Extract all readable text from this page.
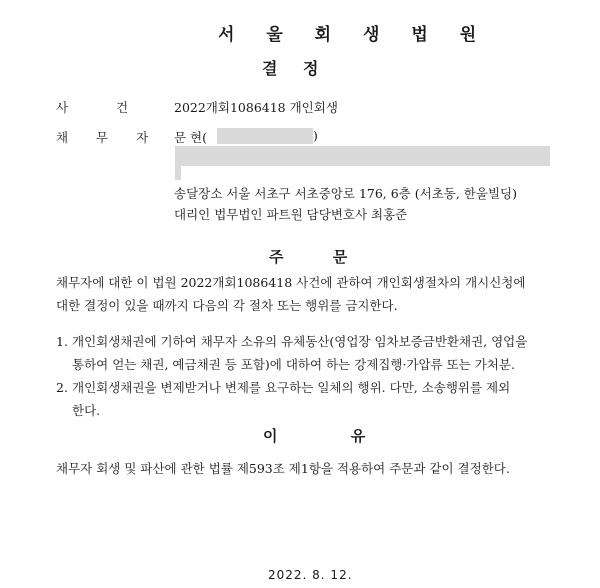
서 울 회 생 법 원
결 정
사 건 2022개회1086418 개인회생
채 무 자 문 현(	)
송달장소 서울 서초구 서초중앙로 176, 6층 (서초동, 한울빌딩)
대리인 법무법인 파트원 담당변호사 최홍준
주 문
채무자에 대한 이 법원 2022개회1086418 사건에 관하여 개인회생절차의 개시신청에
대한 결정이 있을 때까지 다음의 각 절차 또는 행위를 금지한다.
1. 개인회생채권에 기하여 채무자 소유의 유체동산(영업장 임차보증금반환채권, 영업을
통하여 얻는 채권, 예금채권 등 포함)에 대하여 하는 강제집행·가압류 또는 가처분.
2. 개인회생채권을 변제받거나 변제를 요구하는 일체의 행위. 다만, 소송행위를 제외
한다.
이 유
채무자 회생 및 파산에 관한 법률 제593조 제1항을 적용하여 주문과 같이 결정한다.
2022. 8. 12.
